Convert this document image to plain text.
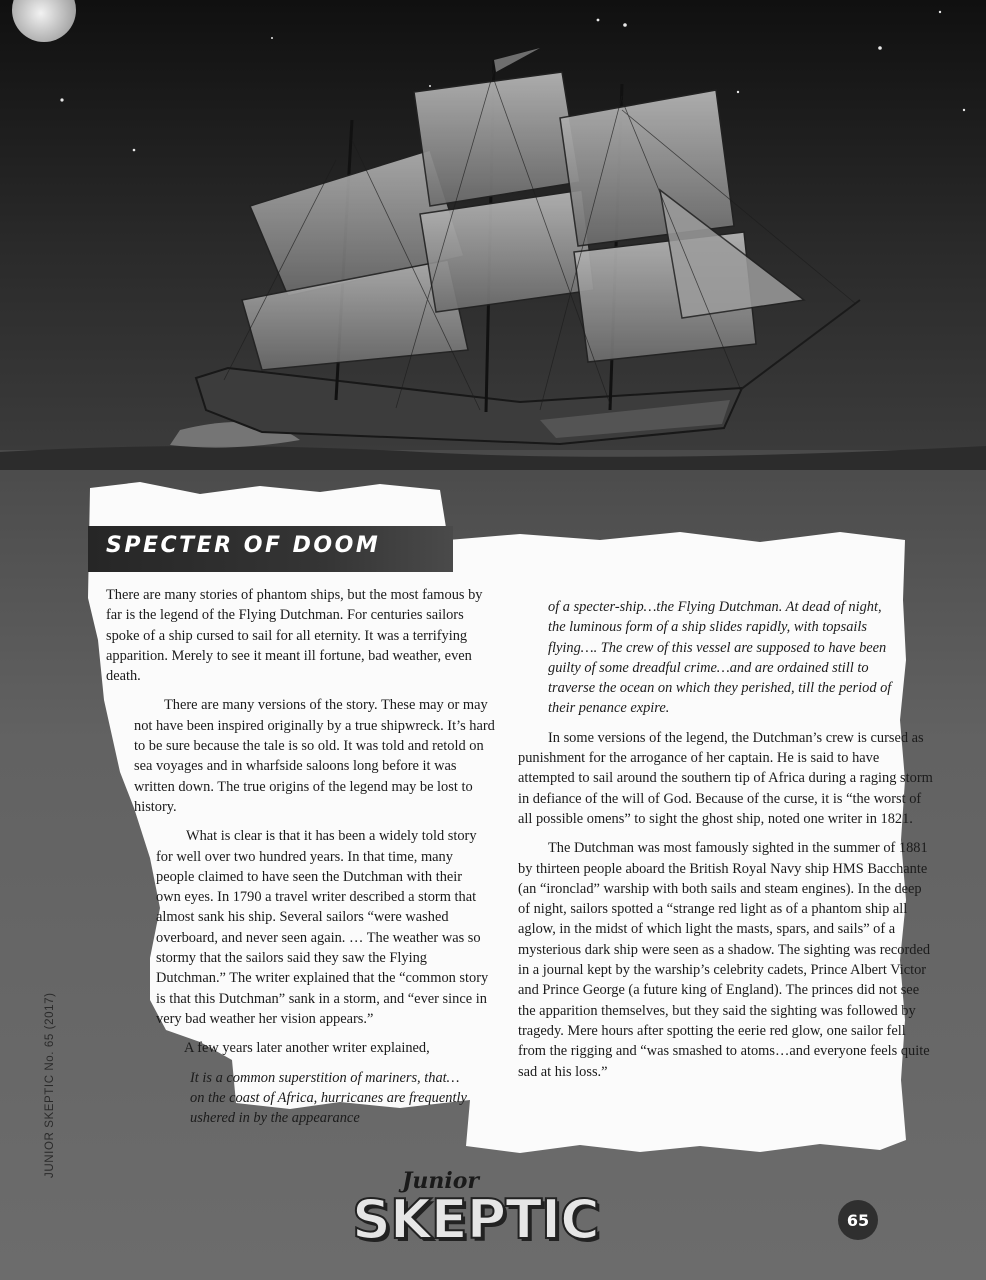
SPECTER OF DOOM

There are many stories of phantom ships, but the most famous by far is the legend of the Flying Dutchman. For centuries sailors spoke of a ship cursed to sail for all eternity. It was a terrifying apparition. Merely to see it meant ill fortune, bad weather, even death.

There are many versions of the story. These may or may not have been inspired originally by a true shipwreck. It’s hard to be sure because the tale is so old. It was told and retold on sea voyages and in wharfside saloons long before it was written down. The true origins of the legend may be lost to history.

What is clear is that it has been a widely told story for well over two hundred years. In that time, many people claimed to have seen the Dutchman with their own eyes. In 1790 a travel writer described a storm that almost sank his ship. Several sailors “were washed overboard, and never seen again. … The weather was so stormy that the sailors said they saw the Flying Dutchman.” The writer explained that the “common story is that this Dutchman” sank in a storm, and “ever since in very bad weather her vision appears.”

A few years later another writer explained,

It is a common superstition of mariners, that… on the coast of Africa, hurricanes are frequently ushered in by the appearance

of a specter-ship…the Flying Dutchman. At dead of night, the luminous form of a ship slides rapidly, with topsails flying…. The crew of this vessel are supposed to have been guilty of some dreadful crime…and are ordained still to traverse the ocean on which they perished, till the period of their penance expire.

In some versions of the legend, the Dutchman’s crew is cursed as punishment for the arrogance of her captain. He is said to have attempted to sail around the southern tip of Africa during a raging storm in defiance of the will of God. Because of the curse, it is “the worst of all possible omens” to sight the ghost ship, noted one writer in 1821.

The Dutchman was most famously sighted in the summer of 1881 by thirteen people aboard the British Royal Navy ship HMS Bacchante (an “ironclad” warship with both sails and steam engines). In the deep of night, sailors spotted a “strange red light as of a phantom ship all aglow, in the midst of which light the masts, spars, and sails” of a mysterious dark ship were seen as a shadow. The sighting was recorded in a journal kept by the warship’s celebrity cadets, Prince Albert Victor and Prince George (a future king of England). The princes did not see the apparition themselves, but they said the sighting was followed by tragedy. Mere hours after spotting the eerie red glow, one sailor fell from the rigging and “was smashed to atoms…and everyone feels quite sad at his loss.”

JUNIOR SKEPTIC No. 65 (2017)
Junior
SKEPTIC	65
